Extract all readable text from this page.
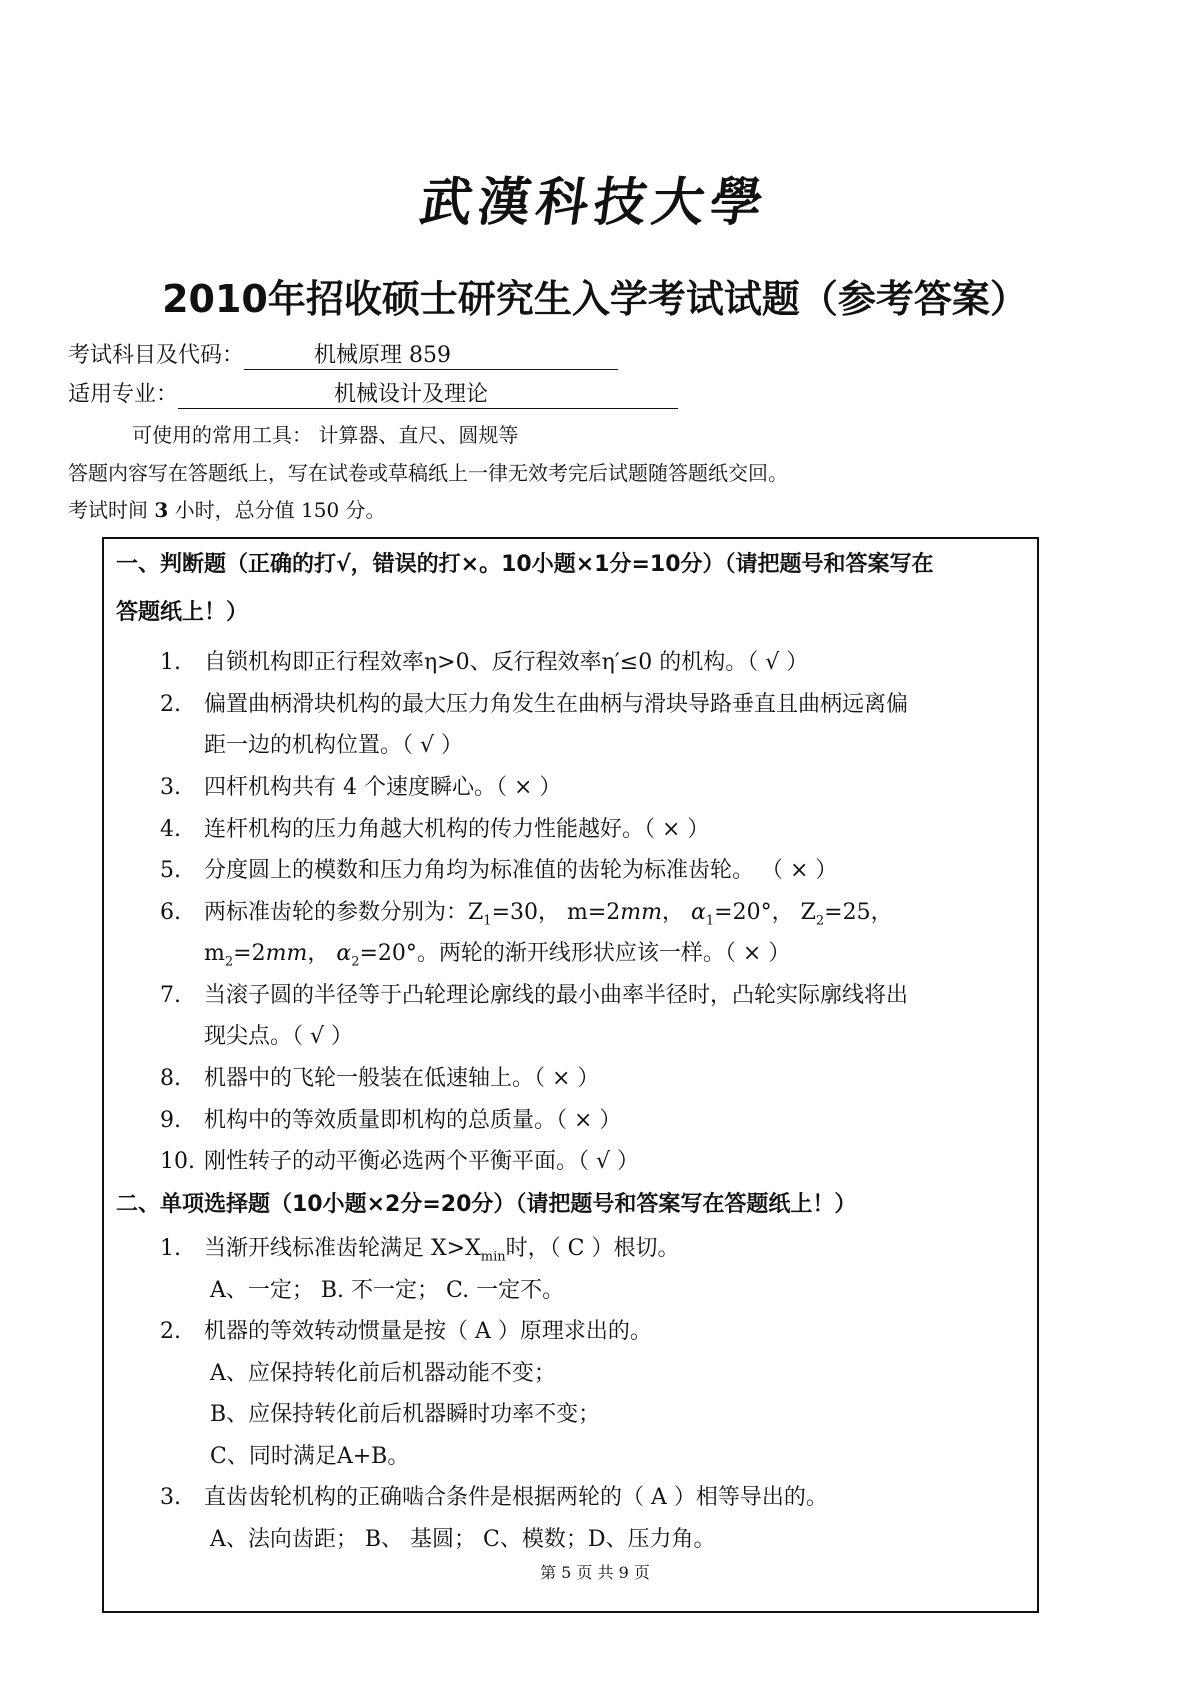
武漢科技大學
2010年招收硕士研究生入学考试试题（参考答案）
考试科目及代码：	机械原理 859
适用专业：	机械设计及理论
可使用的常用工具： 计算器、直尺、圆规等
答题内容写在答题纸上，写在试卷或草稿纸上一律无效考完后试题随答题纸交回。
考试时间 3 小时，总分值 150 分。
一、判断题（正确的打√，错误的打×。10小题×1分=10分）（请把题号和答案写在
答题纸上！）
1. 自锁机构即正行程效率η>0、反行程效率η′≤0 的机构。（ √ ）
2. 偏置曲柄滑块机构的最大压力角发生在曲柄与滑块导路垂直且曲柄远离偏
距一边的机构位置。（ √ ）
3. 四杆机构共有 4 个速度瞬心。（ × ）
4. 连杆机构的压力角越大机构的传力性能越好。（ × ）
5. 分度圆上的模数和压力角均为标准值的齿轮为标准齿轮。 （ × ）
6. 两标准齿轮的参数分别为：$Z_1=30$， m=2mm， $\alpha_1=20^\circ$， $Z_2=25$，
$m_2=2mm$， $\alpha_2=20^\circ$。两轮的渐开线形状应该一样。（ × ）
7. 当滚子圆的半径等于凸轮理论廓线的最小曲率半径时，凸轮实际廓线将出
现尖点。（ √ ）
8. 机器中的飞轮一般装在低速轴上。（ × ）
9. 机构中的等效质量即机构的总质量。（ × ）
10. 刚性转子的动平衡必选两个平衡平面。（ √ ）
二、单项选择题（10小题×2分=20分）（请把题号和答案写在答题纸上！）
1. 当渐开线标准齿轮满足 $X>X_{min}$时，（ C ）根切。
A、一定； B. 不一定； C. 一定不。
2. 机器的等效转动惯量是按（ A ）原理求出的。
A、应保持转化前后机器动能不变；
B、应保持转化前后机器瞬时功率不变；
C、同时满足A+B。
3. 直齿齿轮机构的正确啮合条件是根据两轮的（ A ）相等导出的。
A、法向齿距； B、 基圆； C、模数；D、压力角。
第 5 页 共 9 页
